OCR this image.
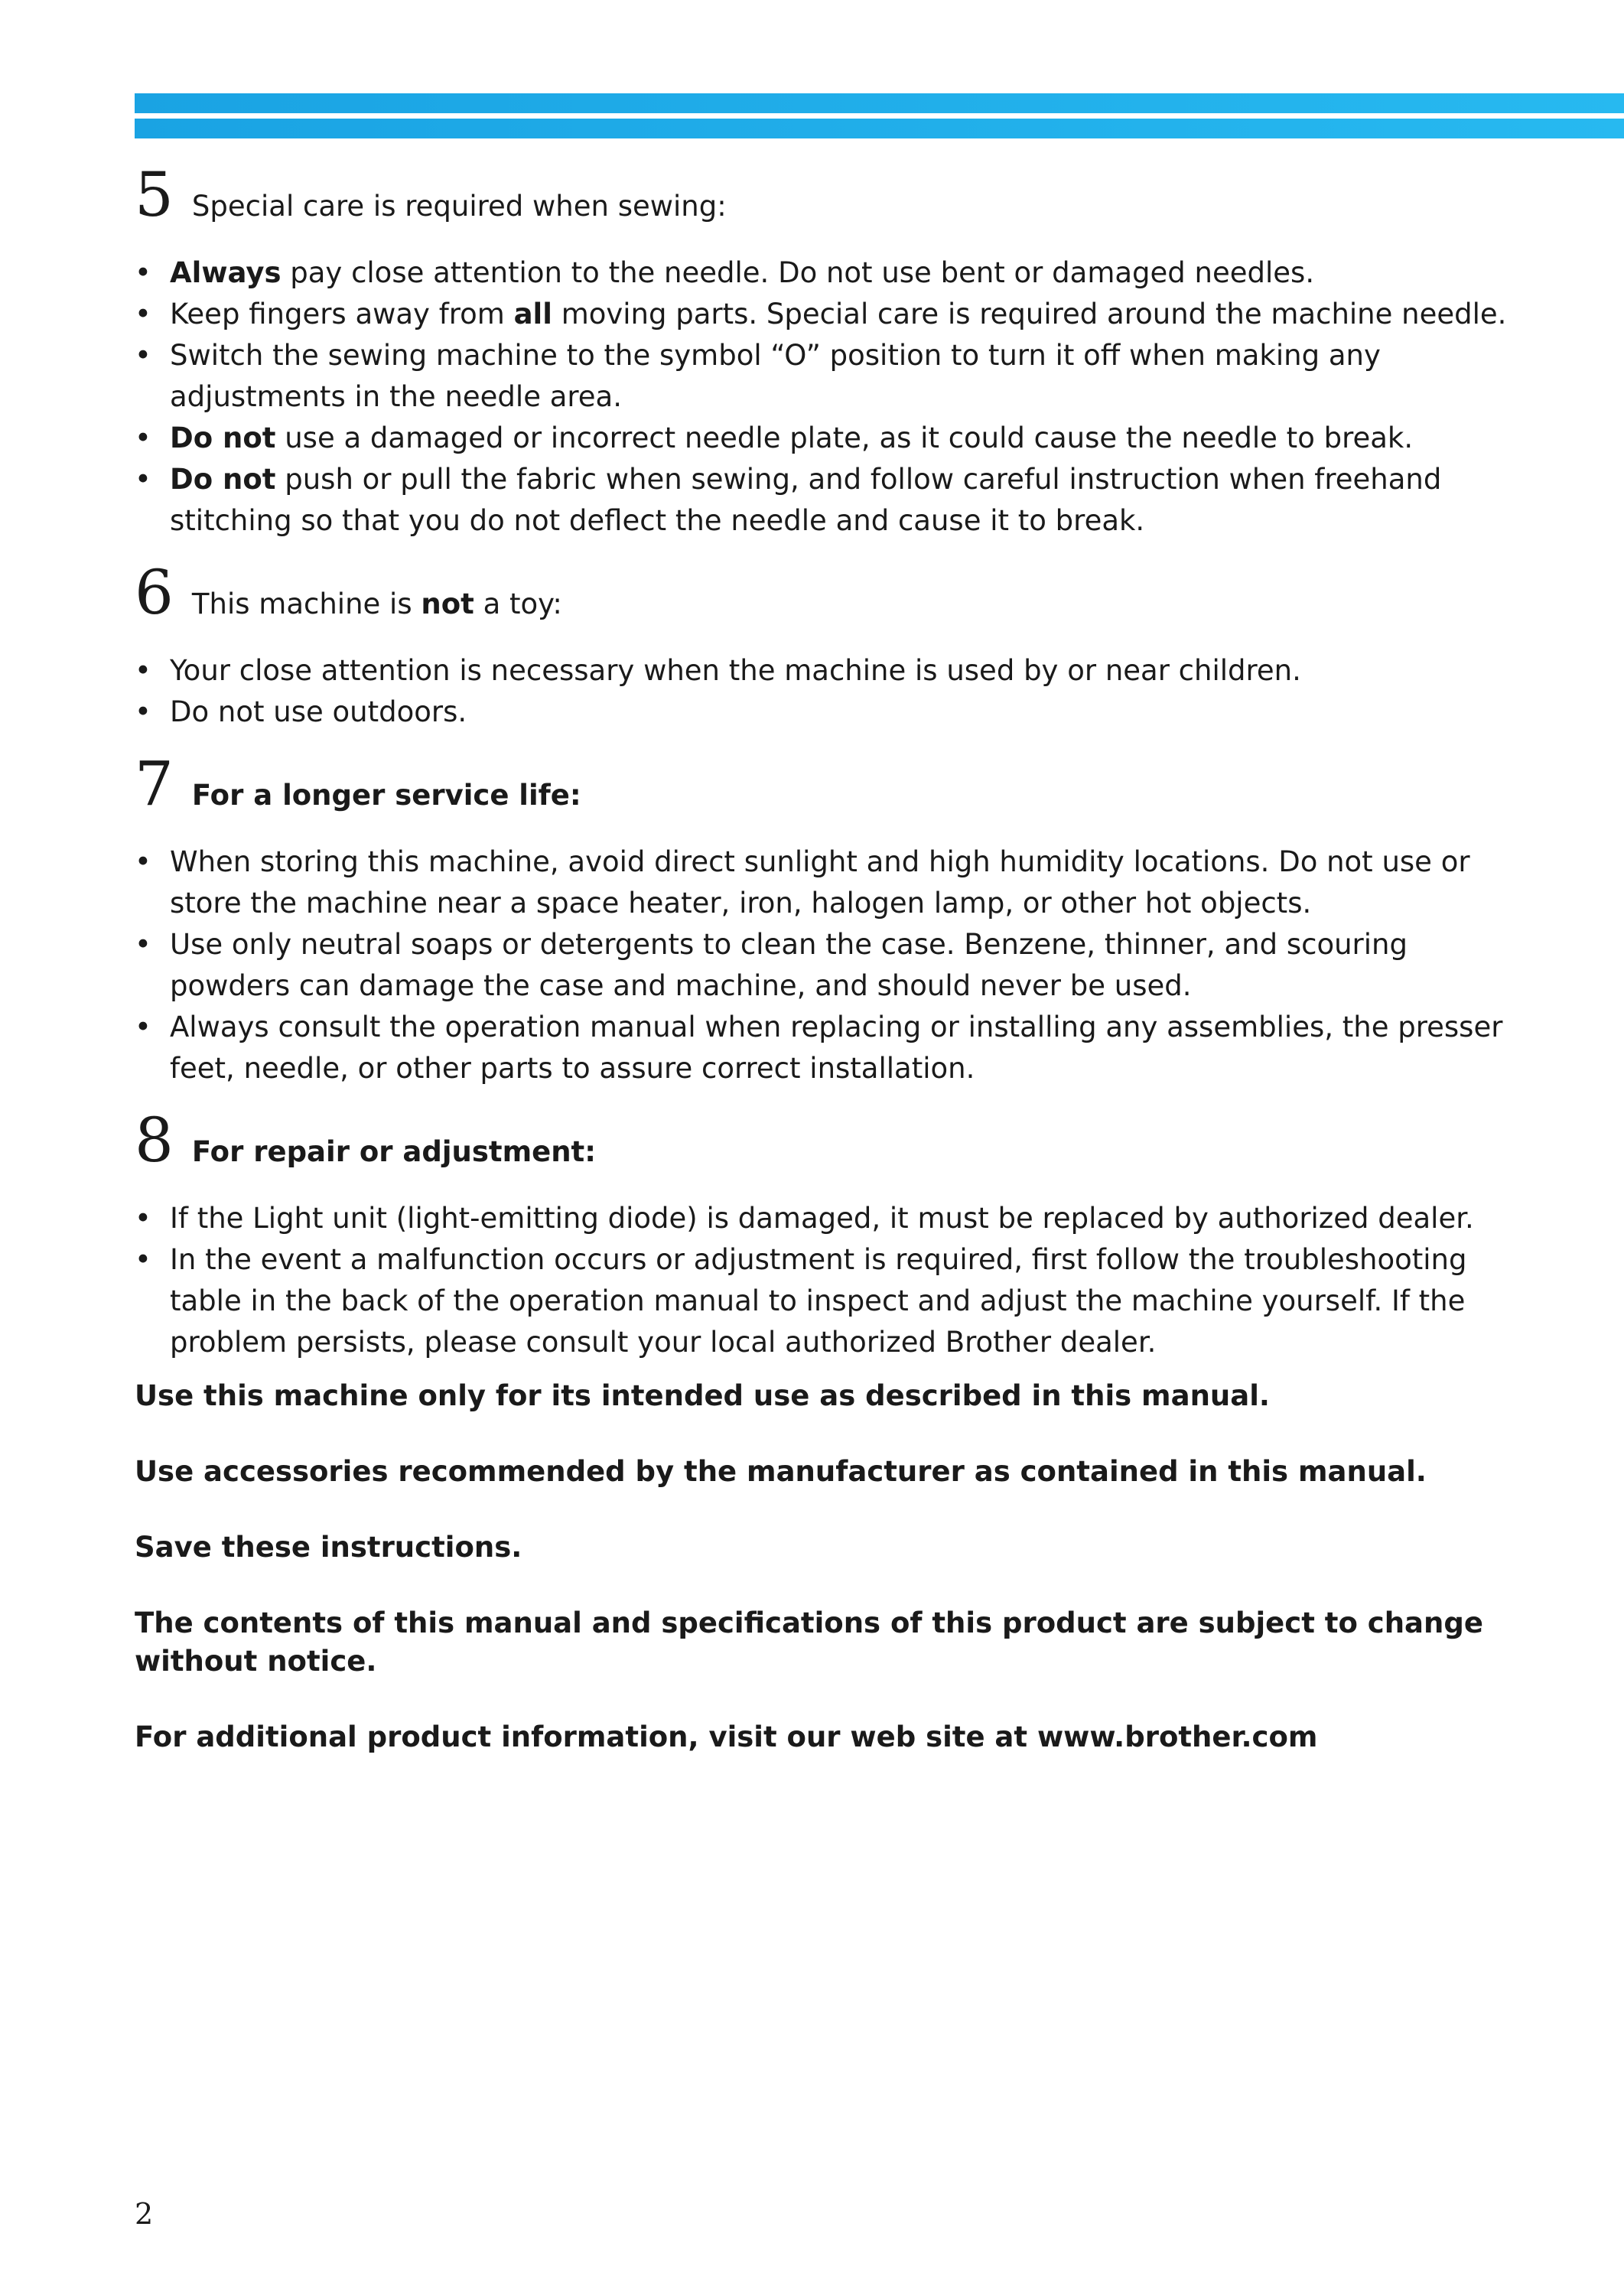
5 Special care is required when sewing:
• Always pay close attention to the needle. Do not use bent or damaged needles.
• Keep fingers away from all moving parts. Special care is required around the machine needle.
• Switch the sewing machine to the symbol “O” position to turn it off when making any adjustments in the needle area.
• Do not use a damaged or incorrect needle plate, as it could cause the needle to break.
• Do not push or pull the fabric when sewing, and follow careful instruction when freehand stitching so that you do not deflect the needle and cause it to break.
6 This machine is not a toy:
• Your close attention is necessary when the machine is used by or near children.
• Do not use outdoors.
7 For a longer service life:
• When storing this machine, avoid direct sunlight and high humidity locations. Do not use or store the machine near a space heater, iron, halogen lamp, or other hot objects.
• Use only neutral soaps or detergents to clean the case. Benzene, thinner, and scouring powders can damage the case and machine, and should never be used.
• Always consult the operation manual when replacing or installing any assemblies, the presser feet, needle, or other parts to assure correct installation.
8 For repair or adjustment:
• If the Light unit (light-emitting diode) is damaged, it must be replaced by authorized dealer.
• In the event a malfunction occurs or adjustment is required, first follow the troubleshooting table in the back of the operation manual to inspect and adjust the machine yourself. If the problem persists, please consult your local authorized Brother dealer.

Use this machine only for its intended use as described in this manual.

Use accessories recommended by the manufacturer as contained in this manual.

Save these instructions.

The contents of this manual and specifications of this product are subject to change without notice.

For additional product information, visit our web site at www.brother.com

2
